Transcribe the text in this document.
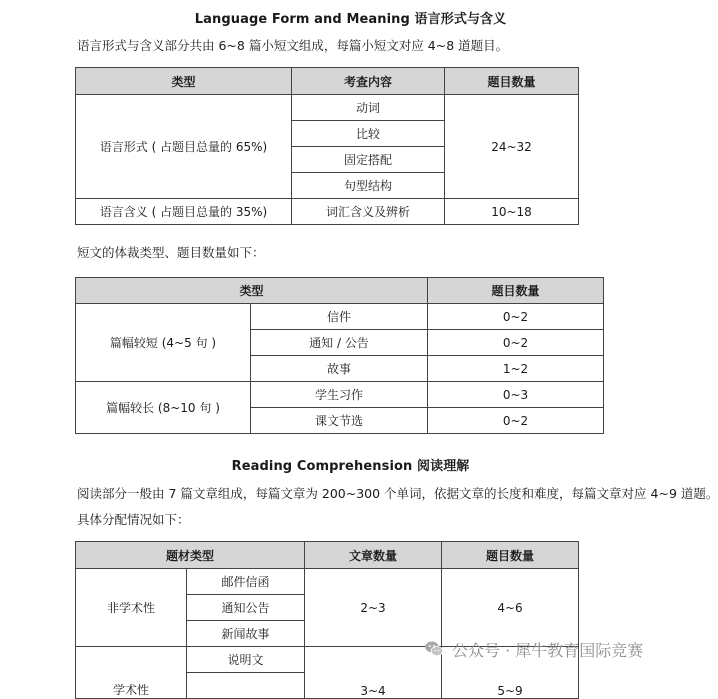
Language Form and Meaning 语言形式与含义
语言形式与含义部分共由 6~8 篇小短文组成，每篇小短文对应 4~8 道题目。
类型	考查内容	题目数量
语言形式 ( 占题目总量的 65%)	动词	24~32
	比较	
	固定搭配	
	句型结构	
语言含义 ( 占题目总量的 35%)	词汇含义及辨析	10~18
短文的体裁类型、题目数量如下：
类型		题目数量
篇幅较短 (4~5 句 )	信件	0~2
	通知 / 公告	0~2
	故事	1~2
篇幅较长 (8~10 句 )	学生习作	0~3
	课文节选	0~2
Reading Comprehension 阅读理解
阅读部分一般由 7 篇文章组成，每篇文章为 200~300 个单词，依据文章的长度和难度，每篇文章对应 4~9 道题。
具体分配情况如下：
题材类型		文章数量	题目数量
非学术性	邮件信函	2~3	4~6
	通知公告		
	新闻故事		
学术性	说明文	3~4	5~9

公众号 · 犀牛教育国际竞赛
